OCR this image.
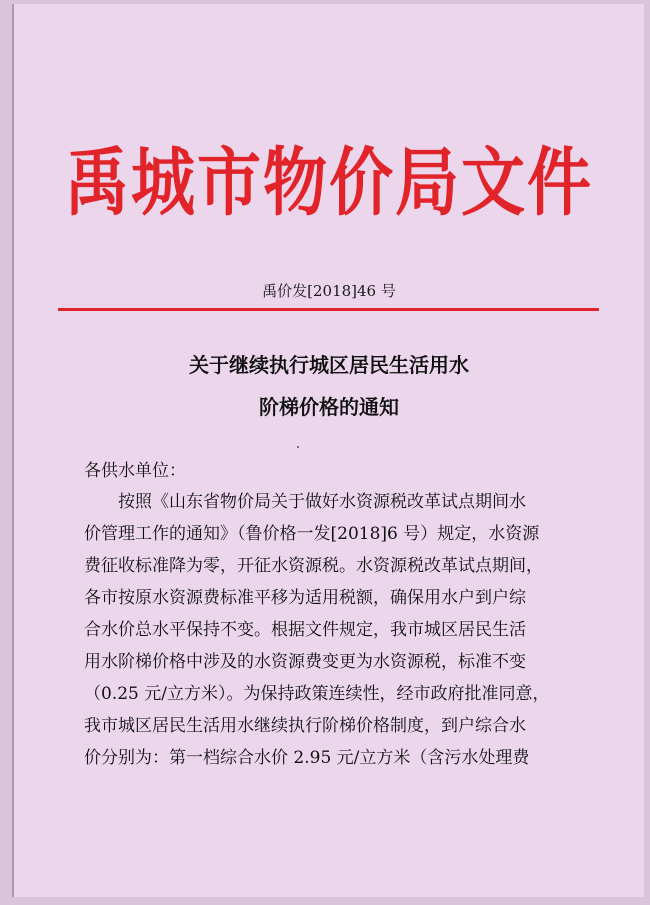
禹城市物价局文件
禹价发[2018]46 号
关于继续执行城区居民生活用水
阶梯价格的通知
各供水单位：
　　按照《山东省物价局关于做好水资源税改革试点期间水
价管理工作的通知》（鲁价格一发[2018]6 号）规定，水资源
费征收标准降为零，开征水资源税。水资源税改革试点期间，
各市按原水资源费标准平移为适用税额，确保用水户到户综
合水价总水平保持不变。根据文件规定，我市城区居民生活
用水阶梯价格中涉及的水资源费变更为水资源税，标准不变
（0.25 元/立方米）。为保持政策连续性，经市政府批准同意，
我市城区居民生活用水继续执行阶梯价格制度，到户综合水
价分别为：第一档综合水价 2.95 元/立方米（含污水处理费
